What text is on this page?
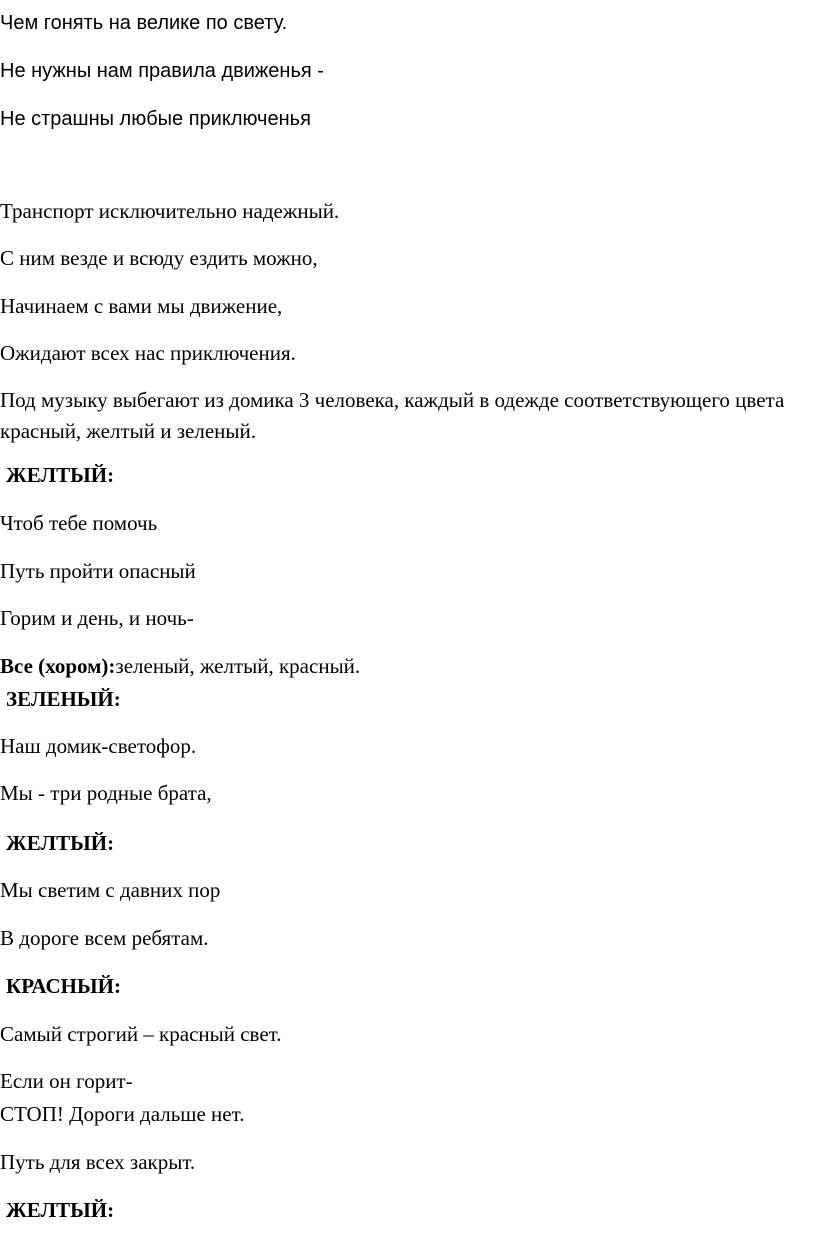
Чем гонять на велике по свету.
Не нужны нам правила движенья -
Не страшны любые приключенья
Транспорт исключительно надежный.
С ним везде и всюду ездить можно,
Начинаем с вами мы движение,
Ожидают всех нас приключения.
Под музыку выбегают из домика 3 человека, каждый в одежде соответствующего цвета красный, желтый и зеленый.
ЖЕЛТЫЙ:
Чтоб тебе помочь
Путь пройти опасный
Горим и день, и ночь-
Все (хором):зеленый, желтый, красный.
ЗЕЛЕНЫЙ:
Наш домик-светофор.
Мы - три родные брата,
ЖЕЛТЫЙ:
Мы светим с давних пор
В дороге всем ребятам.
КРАСНЫЙ:
Самый строгий – красный свет.
Если он горит-
СТОП! Дороги дальше нет.
Путь для всех закрыт.
ЖЕЛТЫЙ:
